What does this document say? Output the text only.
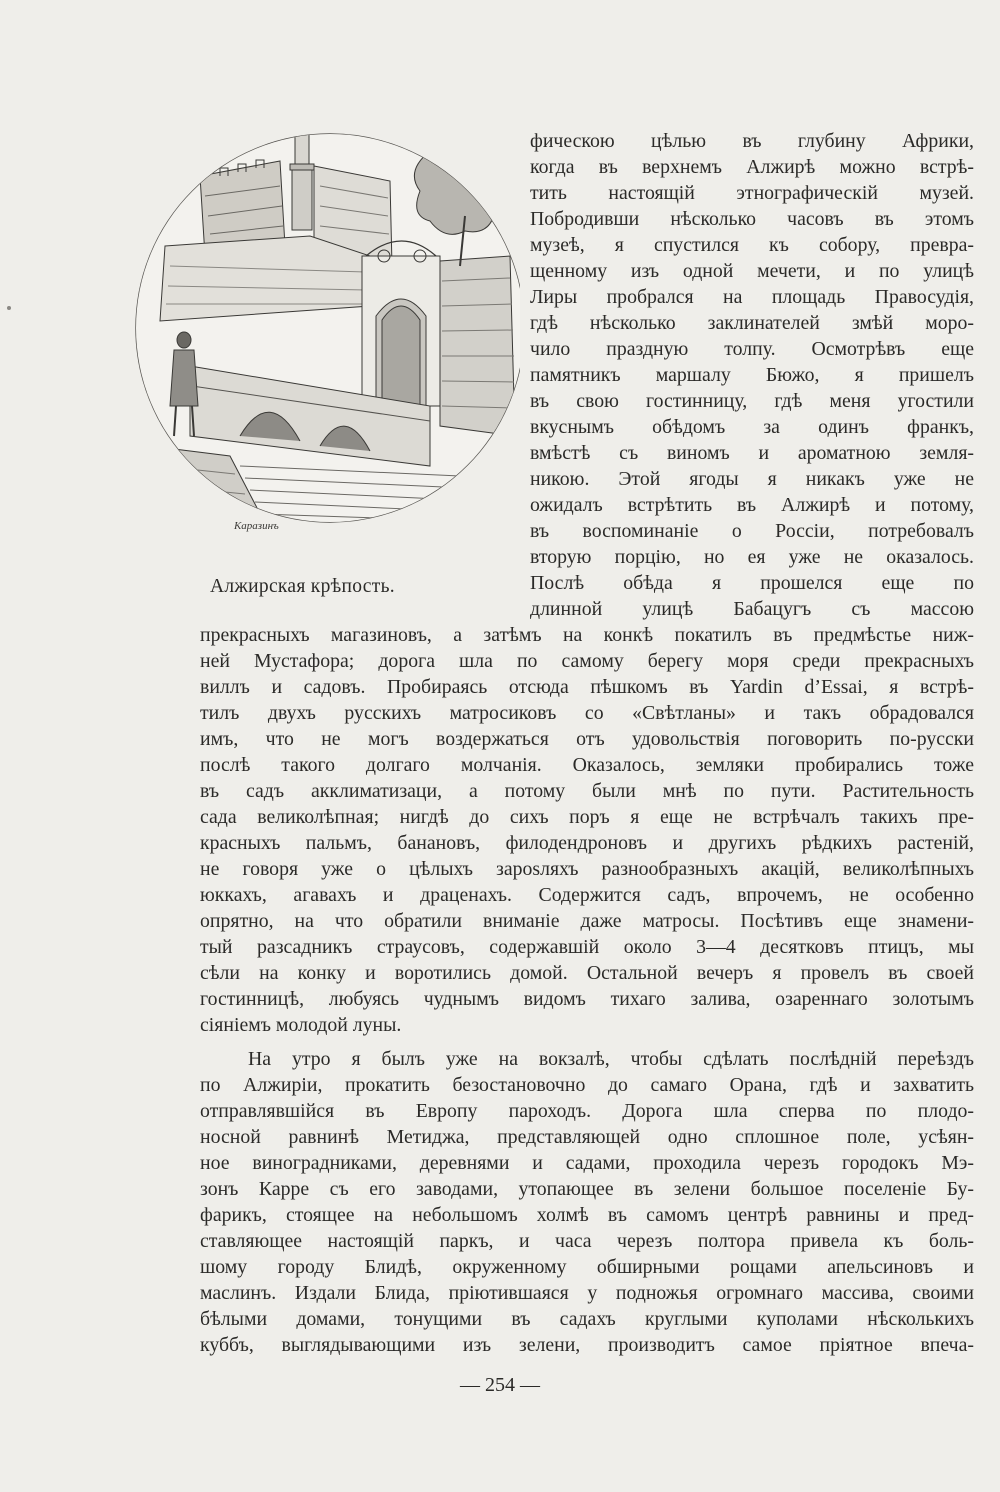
Каразинъ
Алжирская крѣпость.
фическою цѣлью въ глубину Африки,
когда въ верхнемъ Алжирѣ можно встрѣ-
тить настоящій этнографическій музей.
Побродивши нѣсколько часовъ въ этомъ
музеѣ, я спустился къ собору, превра-
щенному изъ одной мечети, и по улицѣ
Лиры пробрался на площадь Правосудія,
гдѣ нѣсколько заклинателей змѣй моро-
чило праздную толпу. Осмотрѣвъ еще
памятникъ маршалу Бюжо, я пришелъ
въ свою гостинницу, гдѣ меня угостили
вкуснымъ обѣдомъ за одинъ франкъ,
вмѣстѣ съ виномъ и ароматною земля-
никою. Этой ягоды я никакъ уже не
ожидалъ встрѣтить въ Алжирѣ и потому,
въ воспоминаніе о Россіи, потребовалъ
вторую порцію, но ея уже не оказалось.
Послѣ обѣда я прошелся еще по
длинной улицѣ Бабацугъ съ массою
прекрасныхъ магазиновъ, а затѣмъ на конкѣ покатилъ въ предмѣстье ниж-
ней Мустафора; дорога шла по самому берегу моря среди прекрасныхъ
виллъ и садовъ. Пробираясь отсюда пѣшкомъ въ Yardin d’Essai, я встрѣ-
тилъ двухъ русскихъ матросиковъ со «Свѣтланы» и такъ обрадовался
имъ, что не могъ воздержаться отъ удовольствія поговорить по-русски
послѣ такого долгаго молчанія. Оказалось, земляки пробирались тоже
въ садъ акклиматизаци, а потому были мнѣ по пути. Растительность
сада великолѣпная; нигдѣ до сихъ поръ я еще не встрѣчалъ такихъ пре-
красныхъ пальмъ, банановъ, филодендроновъ и другихъ рѣдкихъ растеній,
не говоря уже о цѣлыхъ зарosляхъ разнообразныхъ акацій, великолѣпныхъ
юккахъ, агавахъ и драценахъ. Содержится садъ, впрочемъ, не особенно
опрятно, на что обратили вниманіе даже матросы. Посѣтивъ еще знамени-
тый разсадникъ страусовъ, содержавшій около 3—4 десятковъ птицъ, мы
сѣли на конку и воротились домой. Остальной вечеръ я провелъ въ своей
гостинницѣ, любуясь чуднымъ видомъ тихаго залива, озареннаго золотымъ
сіяніемъ молодой луны.
На утро я былъ уже на вокзалѣ, чтобы сдѣлать послѣдній переѣздъ
по Алжиріи, прокатить безостановочно до самаго Орана, гдѣ и захватить
отправлявшійся въ Европу пароходъ. Дорога шла сперва по плодо-
носной равнинѣ Метиджа, представляющей одно сплошное поле, усѣян-
ное виноградниками, деревнями и садами, проходила черезъ городокъ Мэ-
зонъ Карре съ его заводами, утопающее въ зелени большое поселеніе Бу-
фарикъ, стоящее на небольшомъ холмѣ въ самомъ центрѣ равнины и пред-
ставляющее настоящій паркъ, и часа черезъ полтора привела къ боль-
шому городу Блидѣ, окруженному обширными рощами апельсиновъ и
маслинъ. Издали Блида, пріютившаяся у подножья огромнаго массива, своими
бѣлыми домами, тонущими въ садахъ круглыми куполами нѣсколькихъ
куббъ, выглядывающими изъ зелени, производитъ самое пріятное впеча-
— 254 —
